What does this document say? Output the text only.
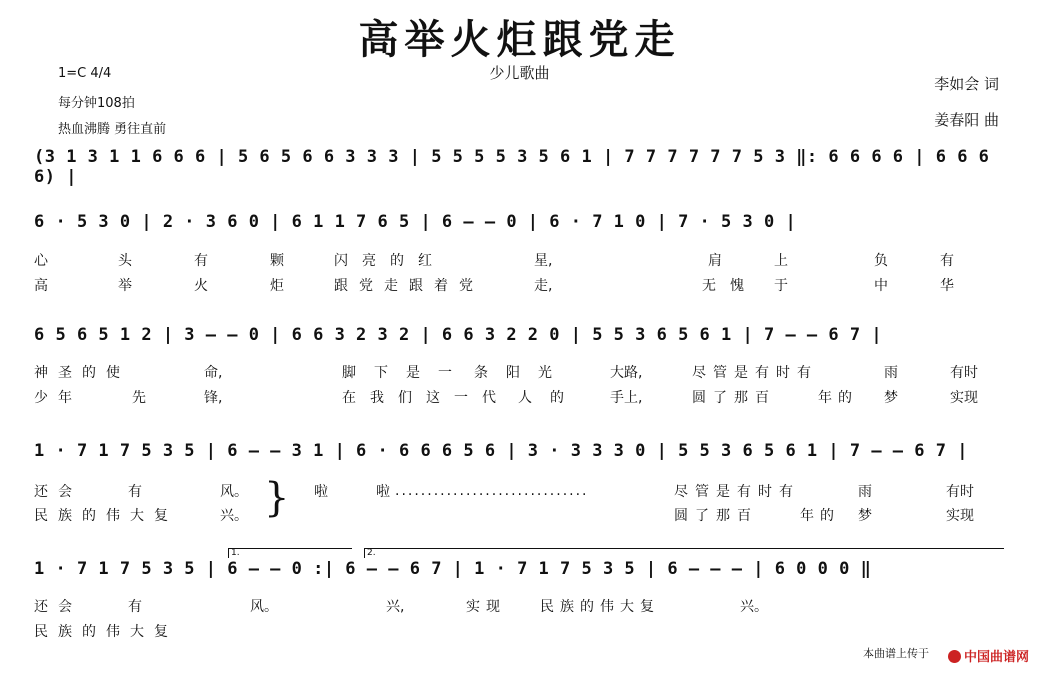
高举火炬跟党走
少儿歌曲
1=C 4/4
每分钟108拍
热血沸腾 勇往直前
李如会 词
姜春阳 曲
(3 1 3 1 1 6 6 6 | 5 6 5 6 6 3 3 3 | 5 5 5 5 3 5 6 1 | 7 7 7 7 7 7 5 3 ‖: 6 6 6 6 | 6 6 6 6) |
6 · 5 3 0 | 2 · 3 6 0 | 6 1 1 7 6 5 | 6 – – 0 | 6 · 7 1 0 | 7 · 5 3 0 |
心	头	有	颗	闪亮的红	星,	肩	上	负	有
高	举	火	炬	跟党走跟着党	走,	无愧 于	中	华
6 5 6 5 1 2 | 3 – – 0 | 6 6 3 2 3 2 | 6 6 3 2 2 0 | 5 5 3 6 5 6 1 | 7 – – 6 7 |
神圣的使	命,	脚下是一 条阳光	大路,	尽管是有时有	雨	有时
少年	先	锋,	在我们这一代 人的 手上,	圆了那百	年的 梦	实现
1 · 7 1 7 5 3 5 | 6 – – 3 1 | 6 · 6 6 6 5 6 | 3 · 3 3 3 0 | 5 5 3 6 5 6 1 | 7 – – 6 7 |
还会	有	风。	啦	啦	尽管是有时有	雨	有时
······························
}
民族的伟大复	兴。	圆了那百	年的 梦	实现
1.	2.
1 · 7 1 7 5 3 5 | 6 – – 0 :| 6 – – 6 7 | 1 · 7 1 7 5 3 5 | 6 – – – | 6 0 0 0 ‖
还会	有	风。	兴,	实现 民族的伟大复	兴。
民族的伟大复
本曲谱上传于	中国曲谱网
